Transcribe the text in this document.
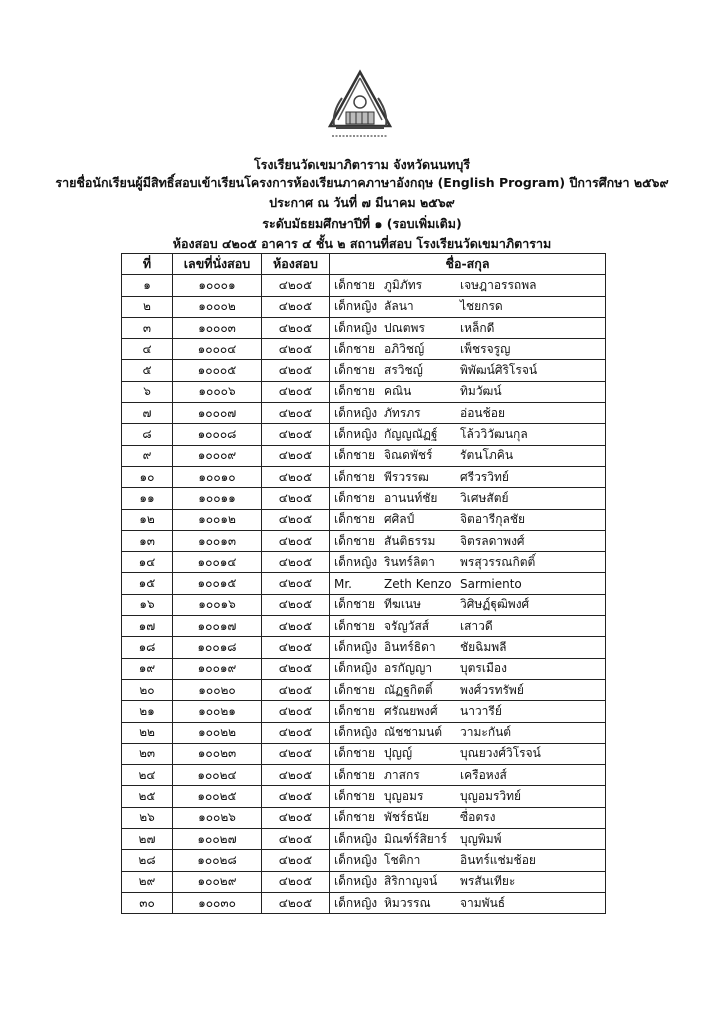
โรงเรียนวัดเขมาภิตาราม จังหวัดนนทบุรี
รายชื่อนักเรียนผู้มีสิทธิ์สอบเข้าเรียนโครงการห้องเรียนภาคภาษาอังกฤษ (English Program) ปีการศึกษา ๒๕๖๙
ประกาศ ณ วันที่ ๗ มีนาคม ๒๕๖๙
ระดับมัธยมศึกษาปีที่ ๑ (รอบเพิ่มเติม)
ห้องสอบ ๔๒๐๕ อาคาร ๔ ชั้น ๒ สถานที่สอบ โรงเรียนวัดเขมาภิตาราม
ที่	เลขที่นั่งสอบ	ห้องสอบ	ชื่อ-สกุล
๑	๑๐๐๐๑	๔๒๐๕	เด็กชาย ภูมิภัทร เจษฎาอรรถพล
๒	๑๐๐๐๒	๔๒๐๕	เด็กหญิง ลัลนา ไชยกรด
๓	๑๐๐๐๓	๔๒๐๕	เด็กหญิง ปณตพร เหล็กดี
๔	๑๐๐๐๔	๔๒๐๕	เด็กชาย อภิวิชญ์ เพ็ชรจรูญ
๕	๑๐๐๐๕	๔๒๐๕	เด็กชาย สรวิชญ์ พิพัฒน์ศิริโรจน์
๖	๑๐๐๐๖	๔๒๐๕	เด็กชาย คณิน ทิมวัฒน์
๗	๑๐๐๐๗	๔๒๐๕	เด็กหญิง ภัทรภร อ่อนช้อย
๘	๑๐๐๐๘	๔๒๐๕	เด็กหญิง กัญญณัฏฐ์ โล้ววิวัฒนกุล
๙	๑๐๐๐๙	๔๒๐๕	เด็กชาย จิณดพัชร์ รัตนโภคิน
๑๐	๑๐๐๑๐	๔๒๐๕	เด็กชาย พีรวรรฒ ศรีวรวิทย์
๑๑	๑๐๐๑๑	๔๒๐๕	เด็กชาย อานนท์ชัย วิเศษสัตย์
๑๒	๑๐๐๑๒	๔๒๐๕	เด็กชาย ศศิลป์ จิตอารีกุลชัย
๑๓	๑๐๐๑๓	๔๒๐๕	เด็กชาย สันติธรรม จิตรลดาพงศ์
๑๔	๑๐๐๑๔	๔๒๐๕	เด็กหญิง รินทร์ลิตา พรสุวรรณกิตติ์
๑๕	๑๐๐๑๕	๔๒๐๕	Mr. Zeth Kenzo Sarmiento
๑๖	๑๐๐๑๖	๔๒๐๕	เด็กชาย ทีฆเนษ วิศิษฏ์ฐุฒิพงศ์
๑๗	๑๐๐๑๗	๔๒๐๕	เด็กชาย จรัญวัสส์ เสาวดี
๑๘	๑๐๐๑๘	๔๒๐๕	เด็กหญิง อินทร์ธิดา ชัยฉิมพลี
๑๙	๑๐๐๑๙	๔๒๐๕	เด็กหญิง อรกัญญา บุตรเมือง
๒๐	๑๐๐๒๐	๔๒๐๕	เด็กชาย ณัฏฐกิตติ์ พงศ์วรทรัพย์
๒๑	๑๐๐๒๑	๔๒๐๕	เด็กชาย ศรัณยพงศ์ นาวารีย์
๒๒	๑๐๐๒๒	๔๒๐๕	เด็กหญิง ณัชชามนต์ วามะกันต์
๒๓	๑๐๐๒๓	๔๒๐๕	เด็กชาย ปุญญ์ บุณยวงศ์วิโรจน์
๒๔	๑๐๐๒๔	๔๒๐๕	เด็กชาย ภาสกร เครือหงส์
๒๕	๑๐๐๒๕	๔๒๐๕	เด็กชาย บุญอมร บุญอมรวิทย์
๒๖	๑๐๐๒๖	๔๒๐๕	เด็กชาย พัชร์ธนัย ซื่อตรง
๒๗	๑๐๐๒๗	๔๒๐๕	เด็กหญิง มิณฑ์ร์สิยาร์ บุญพิมพ์
๒๘	๑๐๐๒๘	๔๒๐๕	เด็กหญิง โชติกา อินทร์แช่มช้อย
๒๙	๑๐๐๒๙	๔๒๐๕	เด็กหญิง สิริกาญจน์ พรสันเทียะ
๓๐	๑๐๐๓๐	๔๒๐๕	เด็กหญิง หิมวรรณ จามพันธ์
